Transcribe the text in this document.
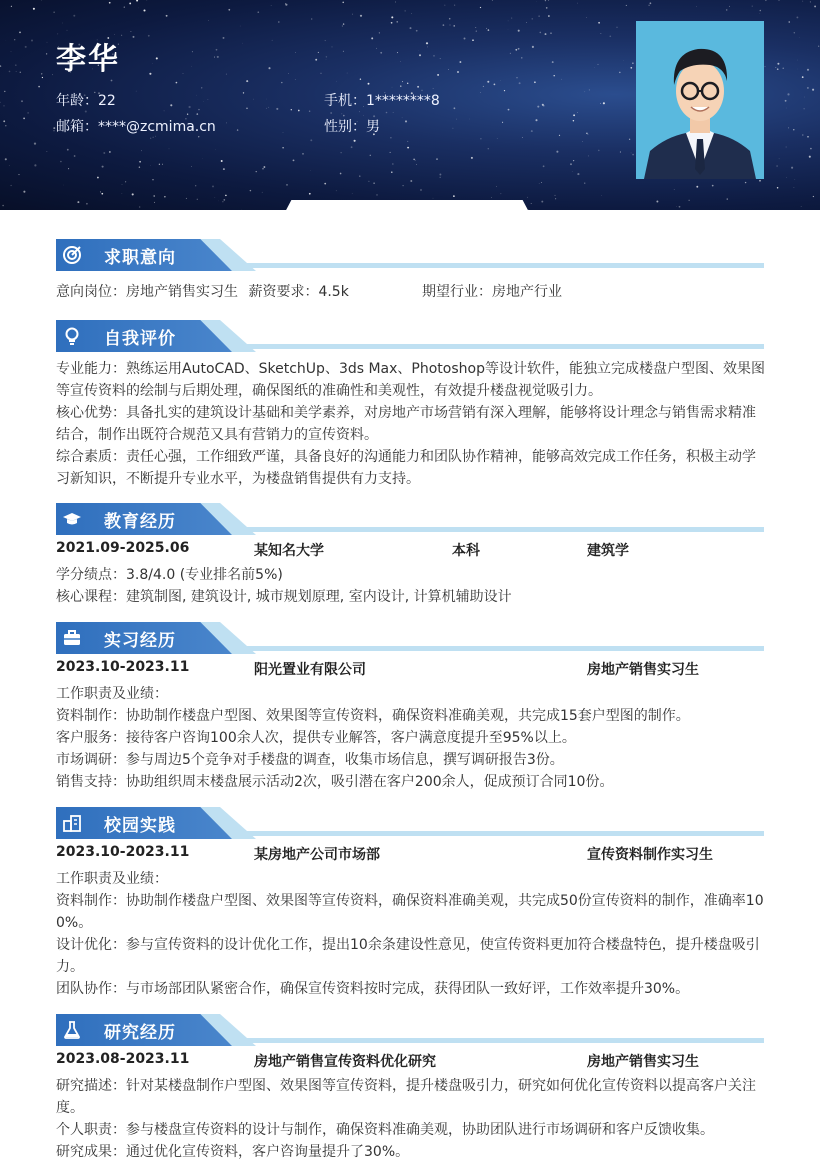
李华
年龄：22	手机：1********8
邮箱：****@zcmima.cn	性别：男
求职意向
意向岗位：房地产销售实习生 薪资要求：4.5k	期望行业：房地产行业
自我评价
专业能力：熟练运用AutoCAD、SketchUp、3ds Max、Photoshop等设计软件，能独立完成楼盘户型图、效果图
等宣传资料的绘制与后期处理，确保图纸的准确性和美观性，有效提升楼盘视觉吸引力。
核心优势：具备扎实的建筑设计基础和美学素养，对房地产市场营销有深入理解，能够将设计理念与销售需求精准
结合，制作出既符合规范又具有营销力的宣传资料。
综合素质：责任心强，工作细致严谨，具备良好的沟通能力和团队协作精神，能够高效完成工作任务，积极主动学
习新知识，不断提升专业水平，为楼盘销售提供有力支持。
教育经历
2021.09-2025.06	某知名大学	本科	建筑学
学分绩点：3.8/4.0 (专业排名前5%)
核心课程：建筑制图, 建筑设计, 城市规划原理, 室内设计, 计算机辅助设计
实习经历
2023.10-2023.11	阳光置业有限公司	房地产销售实习生
工作职责及业绩：
资料制作：协助制作楼盘户型图、效果图等宣传资料，确保资料准确美观，共完成15套户型图的制作。
客户服务：接待客户咨询100余人次，提供专业解答，客户满意度提升至95%以上。
市场调研：参与周边5个竞争对手楼盘的调查，收集市场信息，撰写调研报告3份。
销售支持：协助组织周末楼盘展示活动2次，吸引潜在客户200余人，促成预订合同10份。
校园实践
2023.10-2023.11	某房地产公司市场部	宣传资料制作实习生
工作职责及业绩：
资料制作：协助制作楼盘户型图、效果图等宣传资料，确保资料准确美观，共完成50份宣传资料的制作，准确率10
0%。
设计优化：参与宣传资料的设计优化工作，提出10余条建设性意见，使宣传资料更加符合楼盘特色，提升楼盘吸引
力。
团队协作：与市场部团队紧密合作，确保宣传资料按时完成，获得团队一致好评，工作效率提升30%。
研究经历
2023.08-2023.11	房地产销售宣传资料优化研究	房地产销售实习生
研究描述：针对某楼盘制作户型图、效果图等宣传资料，提升楼盘吸引力，研究如何优化宣传资料以提高客户关注
度。
个人职责：参与楼盘宣传资料的设计与制作，确保资料准确美观，协助团队进行市场调研和客户反馈收集。
研究成果：通过优化宣传资料，客户咨询量提升了30%。
